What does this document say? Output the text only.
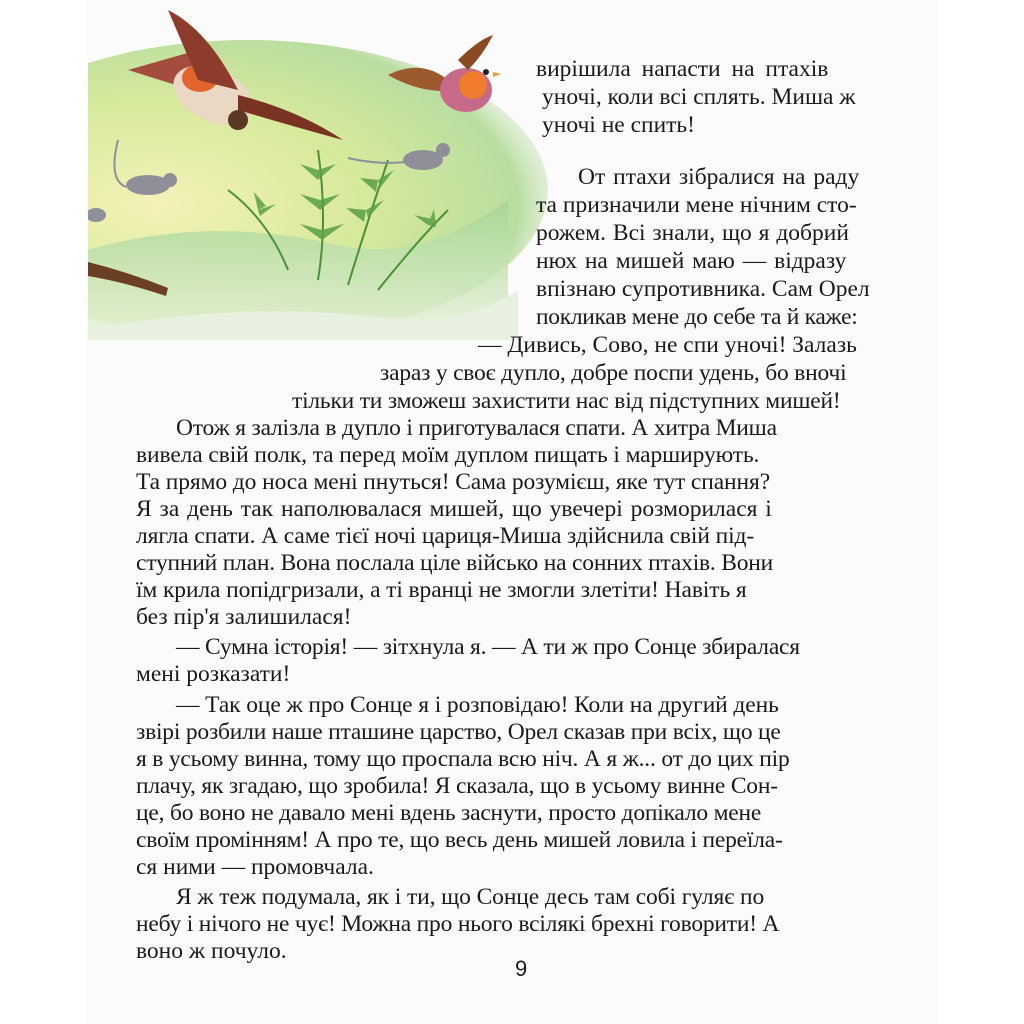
вирішила напасти на птахів
уночі, коли всі сплять. Миша ж
уночі не спить!
От птахи зібралися на раду
та призначили мене нічним сто-
рожем. Всі знали, що я добрий
нюх на мишей маю — відразу
впізнаю супротивника. Сам Орел
покликав мене до себе та й каже:
— Дивись, Сово, не спи уночі! Залазь
зараз у своє дупло, добре поспи удень, бо вночі
тільки ти зможеш захистити нас від підступних мишей!
Отож я залізла в дупло і приготувалася спати. А хитра Миша
вивела свій полк, та перед моїм дуплом пищать і марширують.
Та прямо до носа мені пнуться! Сама розумієш, яке тут спання?
Я за день так наполювалася мишей, що увечері розморилася і
лягла спати. А саме тієї ночі цариця-Миша здійснила свій під-
ступний план. Вона послала ціле військо на сонних птахів. Вони
їм крила попідгризали, а ті вранці не змогли злетіти! Навіть я
без пір'я залишилася!
— Сумна історія! — зітхнула я. — А ти ж про Сонце збиралася
мені розказати!
— Так оце ж про Сонце я і розповідаю! Коли на другий день
звірі розбили наше пташине царство, Орел сказав при всіх, що це
я в усьому винна, тому що проспала всю ніч. А я ж... от до цих пір
плачу, як згадаю, що зробила! Я сказала, що в усьому винне Сон-
це, бо воно не давало мені вдень заснути, просто допікало мене
своїм промінням! А про те, що весь день мишей ловила і переїла-
ся ними — промовчала.
Я ж теж подумала, як і ти, що Сонце десь там собі гуляє по
небу і нічого не чує! Можна про нього всілякі брехні говорити! А
воно ж почуло.
9
